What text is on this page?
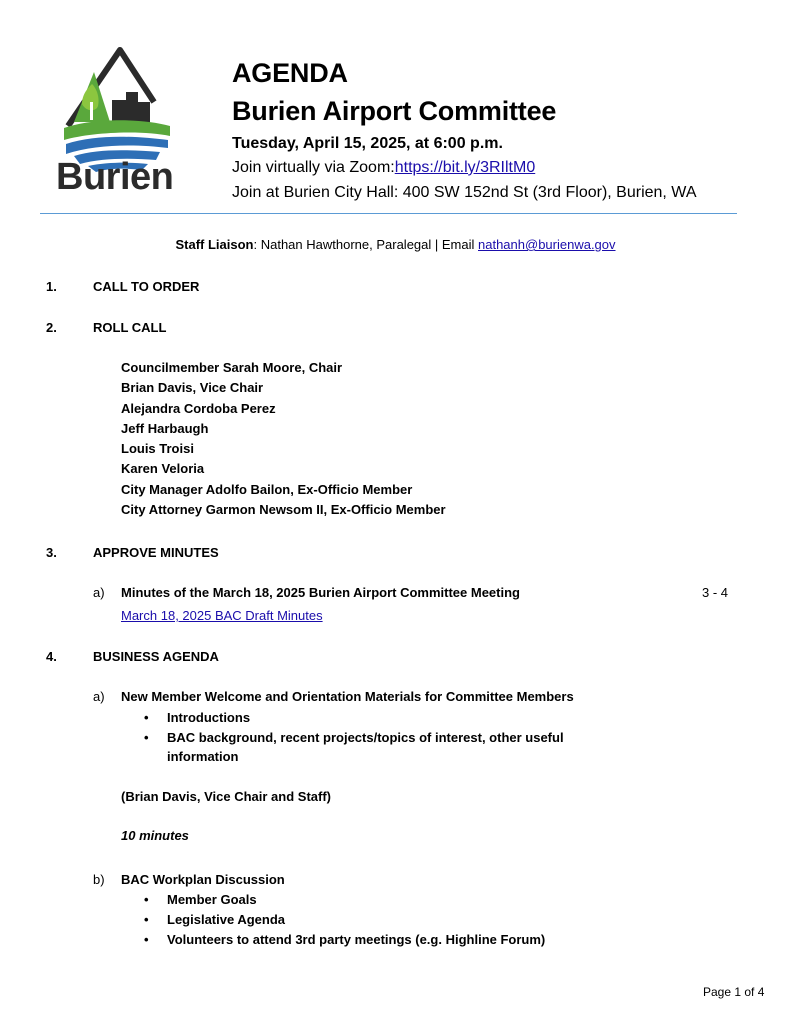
Burien
AGENDA
Burien Airport Committee
Tuesday, April 15, 2025, at 6:00 p.m.
Join virtually via Zoom:https://bit.ly/3RIltM0
Join at Burien City Hall: 400 SW 152nd St (3rd Floor), Burien, WA
Staff Liaison: Nathan Hawthorne, Paralegal | Email nathanh@burienwa.gov
1.	CALL TO ORDER
2.	ROLL CALL
Councilmember Sarah Moore, Chair
Brian Davis, Vice Chair
Alejandra Cordoba Perez
Jeff Harbaugh
Louis Troisi
Karen Veloria
City Manager Adolfo Bailon, Ex-Officio Member
City Attorney Garmon Newsom II, Ex-Officio Member
3.	APPROVE MINUTES
a) Minutes of the March 18, 2025 Burien Airport Committee Meeting	3 - 4
March 18, 2025 BAC Draft Minutes
4.	BUSINESS AGENDA
a) New Member Welcome and Orientation Materials for Committee Members
• Introductions
• BAC background, recent projects/topics of interest, other useful
information
(Brian Davis, Vice Chair and Staff)
10 minutes
b) BAC Workplan Discussion
• Member Goals
• Legislative Agenda
• Volunteers to attend 3rd party meetings (e.g. Highline Forum)
Page 1 of 4
